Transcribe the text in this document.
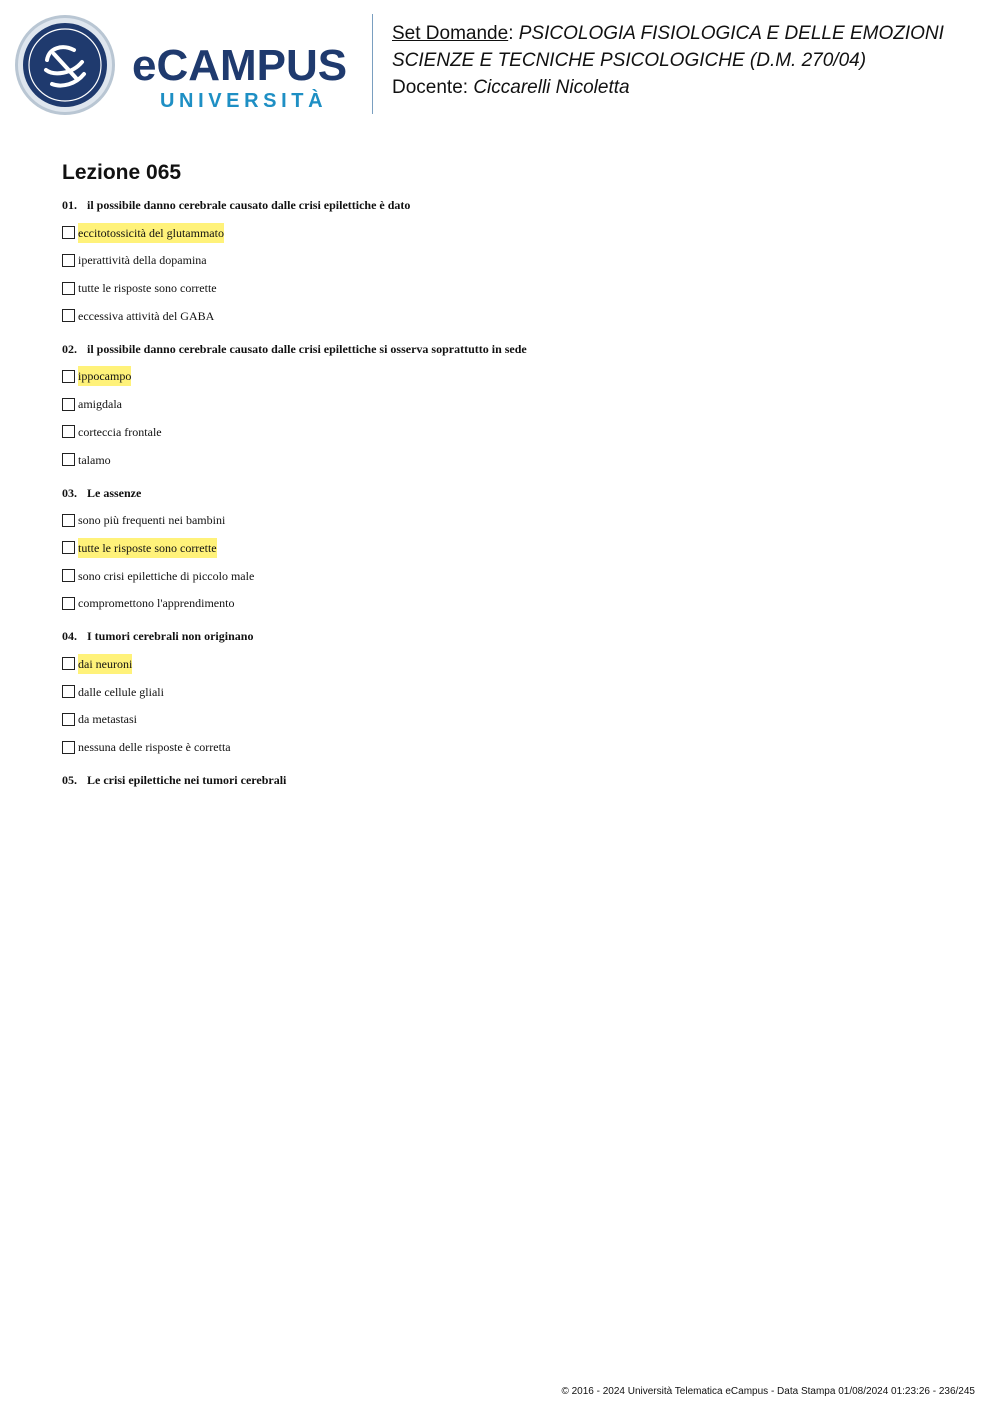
eCAMPUS
UNIVERSITÀ
Set Domande: PSICOLOGIA FISIOLOGICA E DELLE EMOZIONI
SCIENZE E TECNICHE PSICOLOGICHE (D.M. 270/04)
Docente: Ciccarelli Nicoletta
Lezione 065
01. il possibile danno cerebrale causato dalle crisi epilettiche è dato
eccitotossicità del glutammato
iperattività della dopamina
tutte le risposte sono corrette
eccessiva attività del GABA
02. il possibile danno cerebrale causato dalle crisi epilettiche si osserva soprattutto in sede
ippocampo
amigdala
corteccia frontale
talamo
03. Le assenze
sono più frequenti nei bambini
tutte le risposte sono corrette
sono crisi epilettiche di piccolo male
compromettono l'apprendimento
04. I tumori cerebrali non originano
dai neuroni
dalle cellule gliali
da metastasi
nessuna delle risposte è corretta
05. Le crisi epilettiche nei tumori cerebrali
© 2016 - 2024 Università Telematica eCampus - Data Stampa 01/08/2024 01:23:26 - 236/245
